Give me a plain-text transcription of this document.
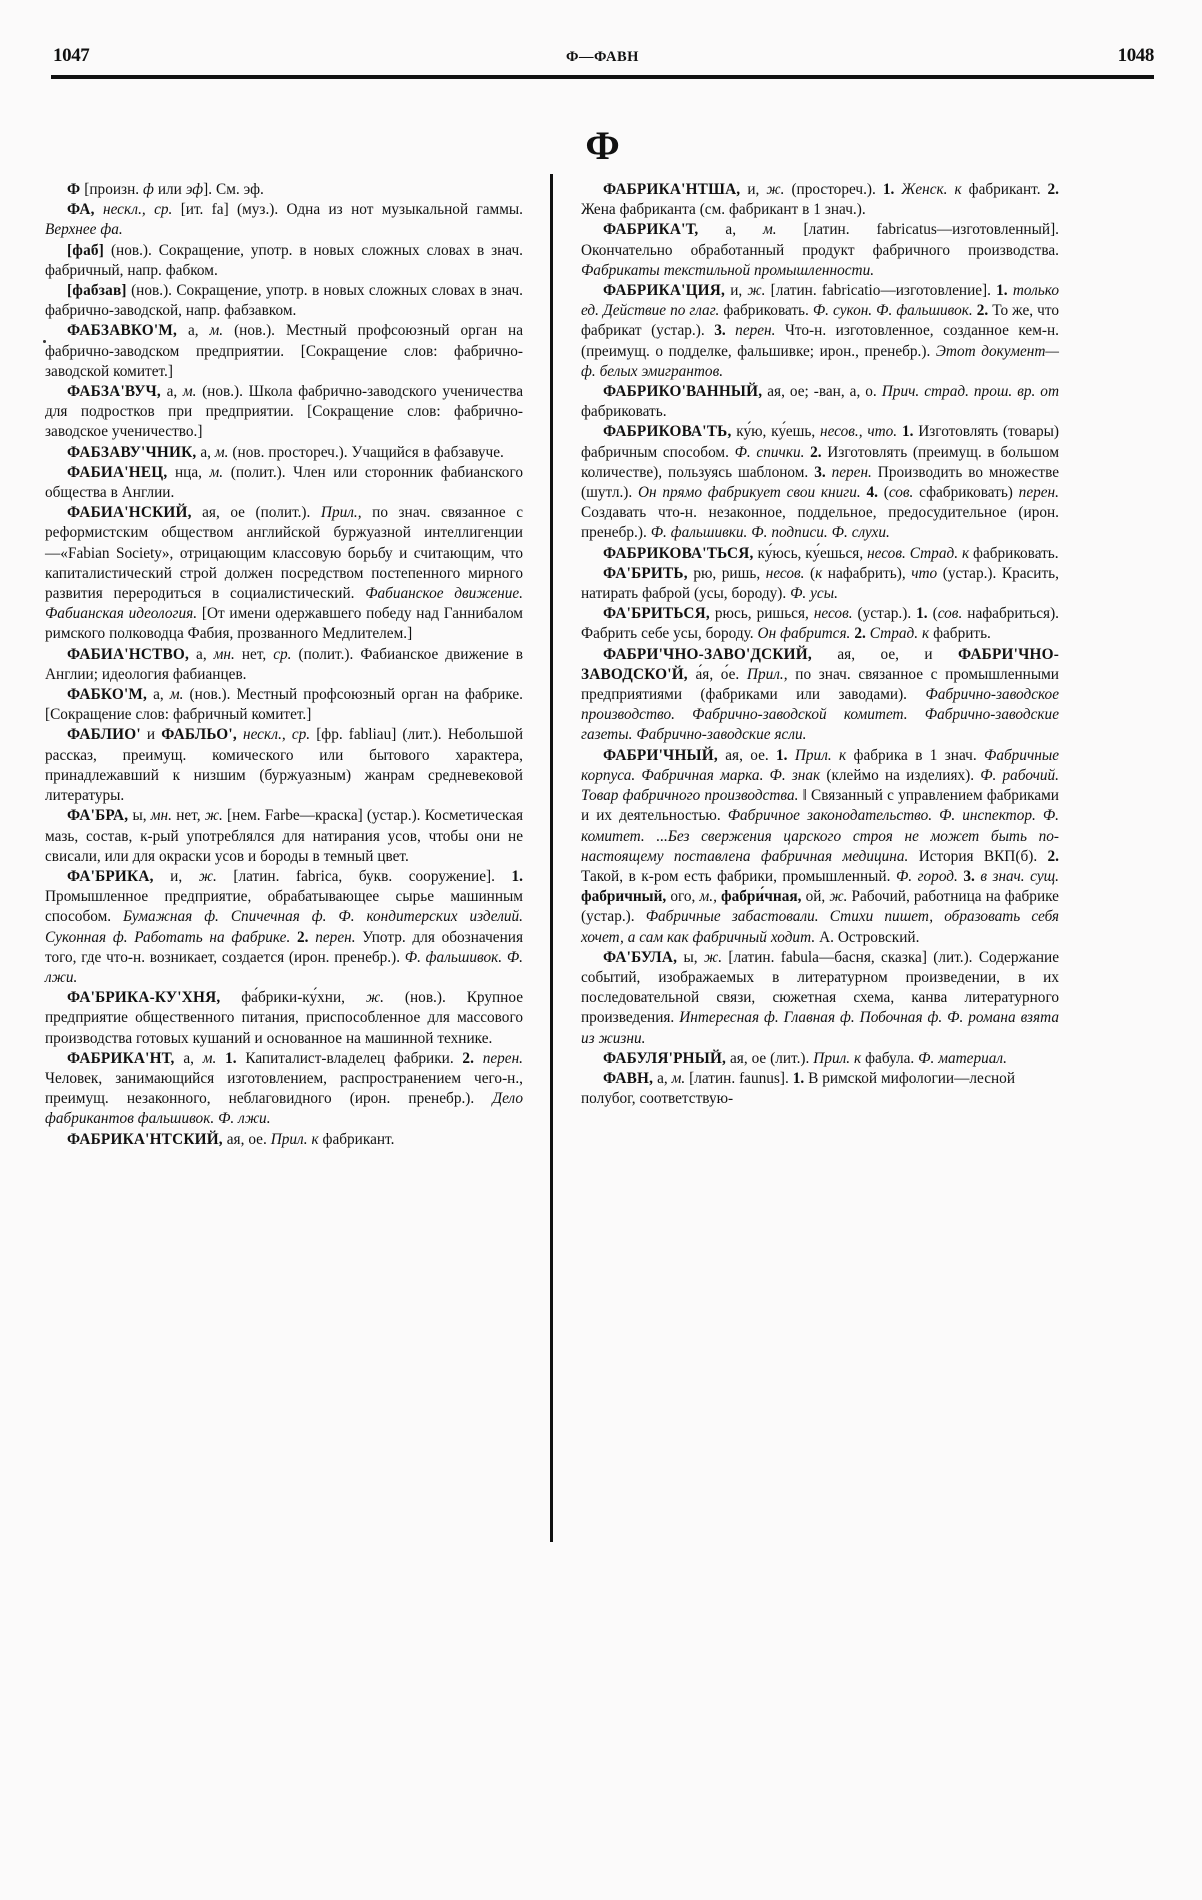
1047	Ф—ФАВН	1048
Ф

Ф [произн. ф или эф]. См. эф.

ФА, нескл., ср. [ит. fa] (муз.). Одна из нот музыкальной гаммы. Верхнее фа.

[фаб] (нов.). Сокращение, употр. в новых сложных словах в знач. фабричный, напр. фабком.

[фабзав] (нов.). Сокращение, употр. в новых сложных словах в знач. фабрично-заводской, напр. фабзавком.

ФАБЗАВКО'М, а, м. (нов.). Местный профсоюзный орган на фабрично-заводском предприятии. [Сокращение слов: фабрично-заводской комитет.]

ФАБЗА'ВУЧ, а, м. (нов.). Школа фабрично-заводского ученичества для подростков при предприятии. [Сокращение слов: фабрично-заводское ученичество.]

ФАБЗАВУ'ЧНИК, а, м. (нов. простореч.). Учащийся в фабзавуче.

ФАБИА'НЕЦ, нца, м. (полит.). Член или сторонник фабианского общества в Англии.

ФАБИА'НСКИЙ, ая, ое (полит.). Прил., по знач. связанное с реформистским обществом английской буржуазной интеллигенции—«Fabian Society», отрицающим классовую борьбу и считающим, что капиталистический строй должен посредством постепенного мирного развития переродиться в социалистический. Фабианское движение. Фабианская идеология. [От имени одержавшего победу над Ганнибалом римского полководца Фабия, прозванного Медлителем.]

ФАБИА'НСТВО, а, мн. нет, ср. (полит.). Фабианское движение в Англии; идеология фабианцев.

ФАБКО'М, а, м. (нов.). Местный профсоюзный орган на фабрике. [Сокращение слов: фабричный комитет.]

ФАБЛИО' и ФАБЛЬО', нескл., ср. [фр. fabliau] (лит.). Небольшой рассказ, преимущ. комического или бытового характера, принадлежавший к низшим (буржуазным) жанрам средневековой литературы.

ФА'БРА, ы, мн. нет, ж. [нем. Farbe—краска] (устар.). Косметическая мазь, состав, к-рый употреблялся для натирания усов, чтобы они не свисали, или для окраски усов и бороды в темный цвет.

ФА'БРИКА, и, ж. [латин. fabrica, букв. сооружение]. 1. Промышленное предприятие, обрабатывающее сырье машинным способом. Бумажная ф. Спичечная ф. Ф. кондитерских изделий. Суконная ф. Работать на фабрике. 2. перен. Употр. для обозначения того, где что-н. возникает, создается (ирон. пренебр.). Ф. фальшивок. Ф. лжи.

ФА'БРИКА-КУ'ХНЯ, фа́брики-ку́хни, ж. (нов.). Крупное предприятие общественного питания, приспособленное для массового производства готовых кушаний и основанное на машинной технике.

ФАБРИКА'НТ, а, м. 1. Капиталист-владелец фабрики. 2. перен. Человек, занимающийся изготовлением, распространением чего-н., преимущ. незаконного, неблаговидного (ирон. пренебр.). Дело фабрикантов фальшивок. Ф. лжи.

ФАБРИКА'НТСКИЙ, ая, ое. Прил. к фабрикант.

ФАБРИКА'НТША, и, ж. (простореч.). 1. Женск. к фабрикант. 2. Жена фабриканта (см. фабрикант в 1 знач.).

ФАБРИКА'Т, а, м. [латин. fabricatus—изготовленный]. Окончательно обработанный продукт фабричного производства. Фабрикаты текстильной промышленности.

ФАБРИКА'ЦИЯ, и, ж. [латин. fabricatio—изготовление]. 1. только ед. Действие по глаг. фабриковать. Ф. сукон. Ф. фальшивок. 2. То же, что фабрикат (устар.). 3. перен. Что-н. изготовленное, созданное кем-н. (преимущ. о подделке, фальшивке; ирон., пренебр.). Этот документ—ф. белых эмигрантов.

ФАБРИКО'ВАННЫЙ, ая, ое; -ван, а, о. Прич. страд. прош. вр. от фабриковать.

ФАБРИКОВА'ТЬ, ку́ю, ку́ешь, несов., что. 1. Изготовлять (товары) фабричным способом. Ф. спички. 2. Изготовлять (преимущ. в большом количестве), пользуясь шаблоном. 3. перен. Производить во множестве (шутл.). Он прямо фабрикует свои книги. 4. (сов. сфабриковать) перен. Создавать что-н. незаконное, поддельное, предосудительное (ирон. пренебр.). Ф. фальшивки. Ф. подписи. Ф. слухи.

ФАБРИКОВА'ТЬСЯ, ку́юсь, ку́ешься, несов. Страд. к фабриковать.

ФА'БРИТЬ, рю, ришь, несов. (к нафабрить), что (устар.). Красить, натирать фаброй (усы, бороду). Ф. усы.

ФА'БРИТЬСЯ, рюсь, ришься, несов. (устар.). 1. (сов. нафабриться). Фабрить себе усы, бороду. Он фабрится. 2. Страд. к фабрить.

ФАБРИ'ЧНО-ЗАВО'ДСКИЙ, ая, ое, и ФАБРИ'ЧНО-ЗАВОДСКО'Й, а́я, о́е. Прил., по знач. связанное с промышленными предприятиями (фабриками или заводами). Фабрично-заводское производство. Фабрично-заводской комитет. Фабрично-заводские газеты. Фабрично-заводские ясли.

ФАБРИ'ЧНЫЙ, ая, ое. 1. Прил. к фабрика в 1 знач. Фабричные корпуса. Фабричная марка. Ф. знак (клеймо на изделиях). Ф. рабочий. Товар фабричного производства. ‖ Связанный с управлением фабриками и их деятельностью. Фабричное законодательство. Ф. инспектор. Ф. комитет. ...Без свержения царского строя не может быть по-настоящему поставлена фабричная медицина. История ВКП(б). 2. Такой, в к-ром есть фабрики, промышленный. Ф. город. 3. в знач. сущ. фабричный, ого, м., фабри́чная, ой, ж. Рабочий, работница на фабрике (устар.). Фабричные забастовали. Стихи пишет, образовать себя хочет, а сам как фабричный ходит. А. Островский.

ФА'БУЛА, ы, ж. [латин. fabula—басня, сказка] (лит.). Содержание событий, изображаемых в литературном произведении, в их последовательной связи, сюжетная схема, канва литературного произведения. Интересная ф. Главная ф. Побочная ф. Ф. романа взята из жизни.

ФАБУЛЯ'РНЫЙ, ая, ое (лит.). Прил. к фабула. Ф. материал.

ФАВН, а, м. [латин. faunus]. 1. В римской мифологии—лесной полубог, соответствую-
